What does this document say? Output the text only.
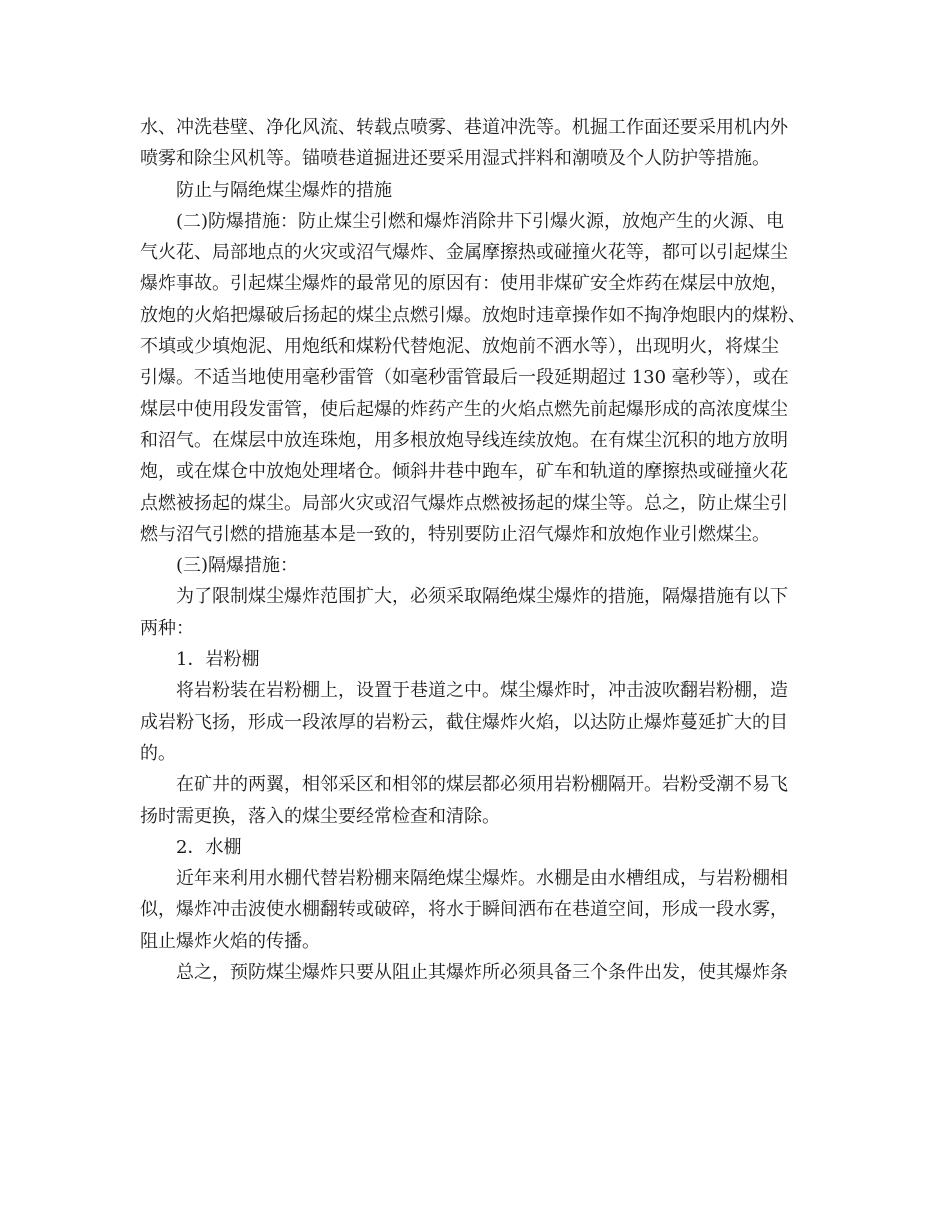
水、冲洗巷壁、净化风流、转载点喷雾、巷道冲洗等。机掘工作面还要采用机内外
喷雾和除尘风机等。锚喷巷道掘进还要采用湿式拌料和潮喷及个人防护等措施。
防止与隔绝煤尘爆炸的措施
(二)防爆措施：防止煤尘引燃和爆炸消除井下引爆火源，放炮产生的火源、电
气火花、局部地点的火灾或沼气爆炸、金属摩擦热或碰撞火花等，都可以引起煤尘
爆炸事故。引起煤尘爆炸的最常见的原因有：使用非煤矿安全炸药在煤层中放炮，
放炮的火焰把爆破后扬起的煤尘点燃引爆。放炮时违章操作如不掏净炮眼内的煤粉、
不填或少填炮泥、用炮纸和煤粉代替炮泥、放炮前不洒水等），出现明火，将煤尘
引爆。不适当地使用毫秒雷管（如毫秒雷管最后一段延期超过 130 毫秒等），或在
煤层中使用段发雷管，使后起爆的炸药产生的火焰点燃先前起爆形成的高浓度煤尘
和沼气。在煤层中放连珠炮，用多根放炮导线连续放炮。在有煤尘沉积的地方放明
炮，或在煤仓中放炮处理堵仓。倾斜井巷中跑车，矿车和轨道的摩擦热或碰撞火花
点燃被扬起的煤尘。局部火灾或沼气爆炸点燃被扬起的煤尘等。总之，防止煤尘引
燃与沼气引燃的措施基本是一致的，特别要防止沼气爆炸和放炮作业引燃煤尘。
(三)隔爆措施：
为了限制煤尘爆炸范围扩大，必须采取隔绝煤尘爆炸的措施，隔爆措施有以下
两种：
1．岩粉棚
将岩粉装在岩粉棚上，设置于巷道之中。煤尘爆炸时，冲击波吹翻岩粉棚，造
成岩粉飞扬，形成一段浓厚的岩粉云，截住爆炸火焰，以达防止爆炸蔓延扩大的目
的。
在矿井的两翼，相邻采区和相邻的煤层都必须用岩粉棚隔开。岩粉受潮不易飞
扬时需更换，落入的煤尘要经常检查和清除。
2．水棚
近年来利用水棚代替岩粉棚来隔绝煤尘爆炸。水棚是由水槽组成，与岩粉棚相
似，爆炸冲击波使水棚翻转或破碎，将水于瞬间洒布在巷道空间，形成一段水雾，
阻止爆炸火焰的传播。
总之，预防煤尘爆炸只要从阻止其爆炸所必须具备三个条件出发，使其爆炸条
